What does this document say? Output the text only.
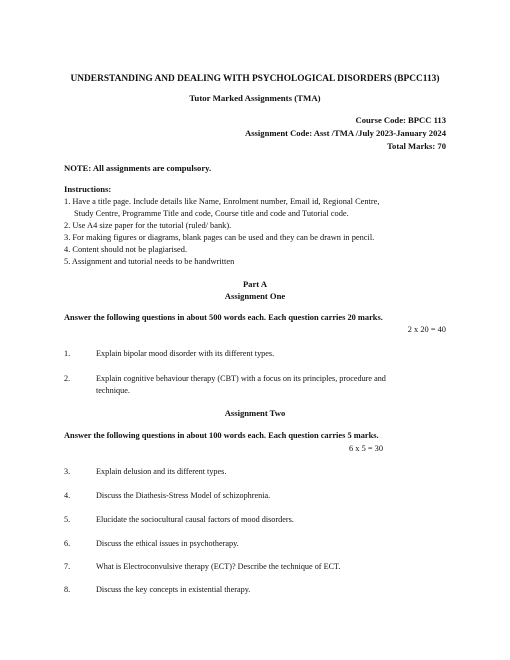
UNDERSTANDING AND DEALING WITH PSYCHOLOGICAL DISORDERS (BPCC113)
Tutor Marked Assignments (TMA)
Course Code: BPCC 113
Assignment Code: Asst /TMA /July 2023-January 2024
Total Marks: 70
NOTE: All assignments are compulsory.
Instructions:
1. Have a title page. Include details like Name, Enrolment number, Email id, Regional Centre,
Study Centre, Programme Title and code, Course title and code and Tutorial code.
2. Use A4 size paper for the tutorial (ruled/ bank).
3. For making figures or diagrams, blank pages can be used and they can be drawn in pencil.
4. Content should not be plagiarised.
5. Assignment and tutorial needs to be handwritten
Part A
Assignment One
Answer the following questions in about 500 words each. Each question carries 20 marks.
2 x 20 = 40
1.	Explain bipolar mood disorder with its different types.
2.	Explain cognitive behaviour therapy (CBT) with a focus on its principles, procedure and
technique.
Assignment Two
Answer the following questions in about 100 words each. Each question carries 5 marks.
6 x 5 = 30
3.	Explain delusion and its different types.
4.	Discuss the Diathesis-Stress Model of schizophrenia.
5.	Elucidate the sociocultural causal factors of mood disorders.
6.	Discuss the ethical issues in psychotherapy.
7.	What is Electroconvulsive therapy (ECT)? Describe the technique of ECT.
8.	Discuss the key concepts in existential therapy.
